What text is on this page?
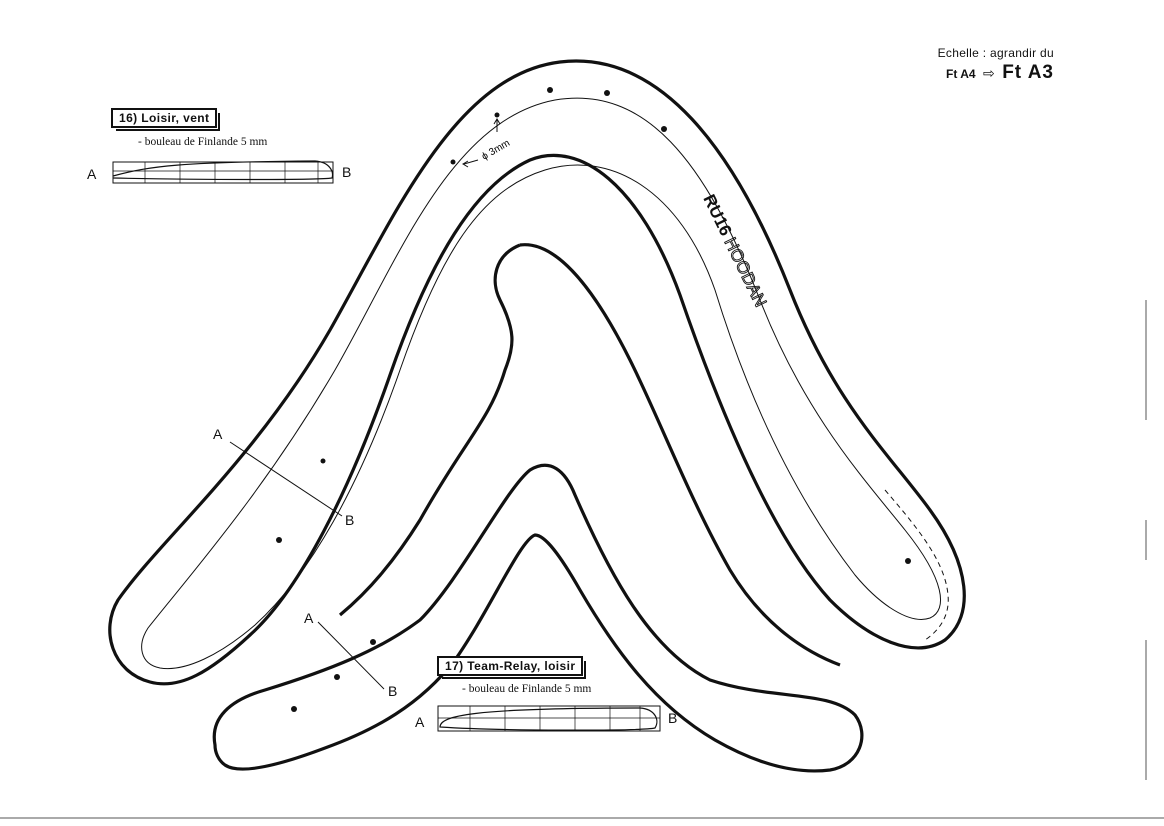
ϕ 3mm
RU16
HOODAN
Echelle : agrandir du
Ft A4 ⇨ Ft A3
16) Loisir, vent
- bouleau de Finlande 5 mm
A	B
A
B
17) Team-Relay, loisir
- bouleau de Finlande 5 mm
A	B
A
B
